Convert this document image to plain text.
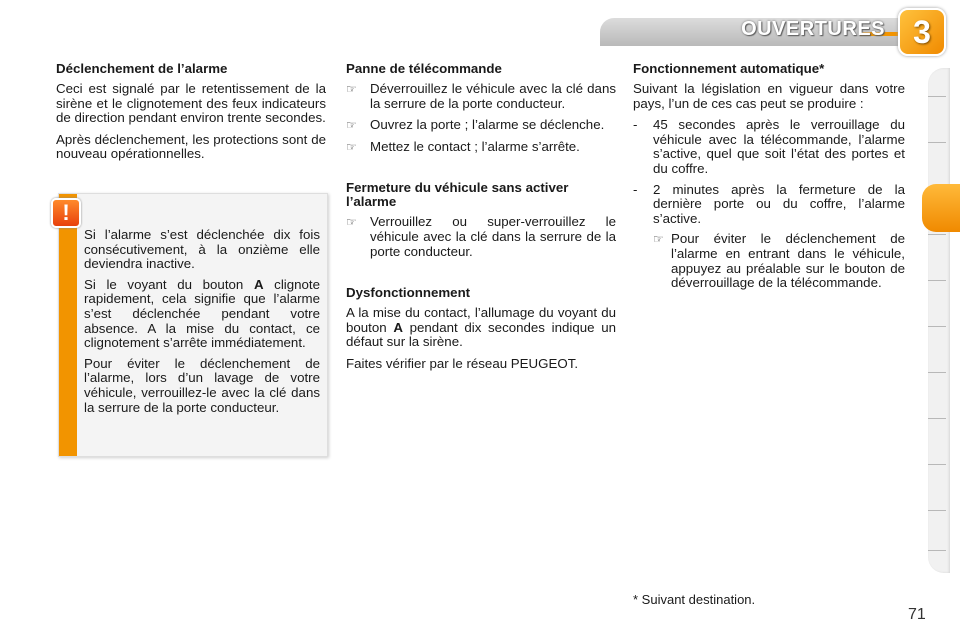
OUVERTURES 3
Déclenchement de l’alarme

Ceci est signalé par le retentissement de la sirène et le clignotement des feux indicateurs de direction pendant environ trente secondes.

Après déclenchement, les protections sont de nouveau opérationnelles.

!

Si l’alarme s’est déclenchée dix fois consécutivement, à la onzième elle deviendra inactive.

Si le voyant du bouton A clignote rapidement, cela signifie que l’alarme s’est déclenchée pendant votre absence. A la mise du contact, ce clignotement s’arrête immédiatement.

Pour éviter le déclenchement de l’alarme, lors d’un lavage de votre véhicule, verrouillez-le avec la clé dans la serrure de la porte conducteur.

Panne de télécommande
☞ Déverrouillez le véhicule avec la clé dans la serrure de la porte conducteur.
☞ Ouvrez la porte ; l’alarme se déclenche.
☞ Mettez le contact ; l’alarme s’arrête.
Fermeture du véhicule sans activer l’alarme
☞ Verrouillez ou super-verrouillez le véhicule avec la clé dans la serrure de la porte conducteur.
Dysfonctionnement

A la mise du contact, l’allumage du voyant du bouton A pendant dix secondes indique un défaut sur la sirène.

Faites vérifier par le réseau PEUGEOT.

Fonctionnement automatique*

Suivant la législation en vigueur dans votre pays, l’un de ces cas peut se produire :

-	45 secondes après le verrouillage du véhicule avec la télécommande, l’alarme s’active, quel que soit l’état des portes et du coffre.
-	2 minutes après la fermeture de la dernière porte ou du coffre, l’alarme s’active.
☞ Pour éviter le déclenchement de l’alarme en entrant dans le véhicule, appuyez au préalable sur le bouton de déverrouillage de la télécommande.
* Suivant destination.
71
